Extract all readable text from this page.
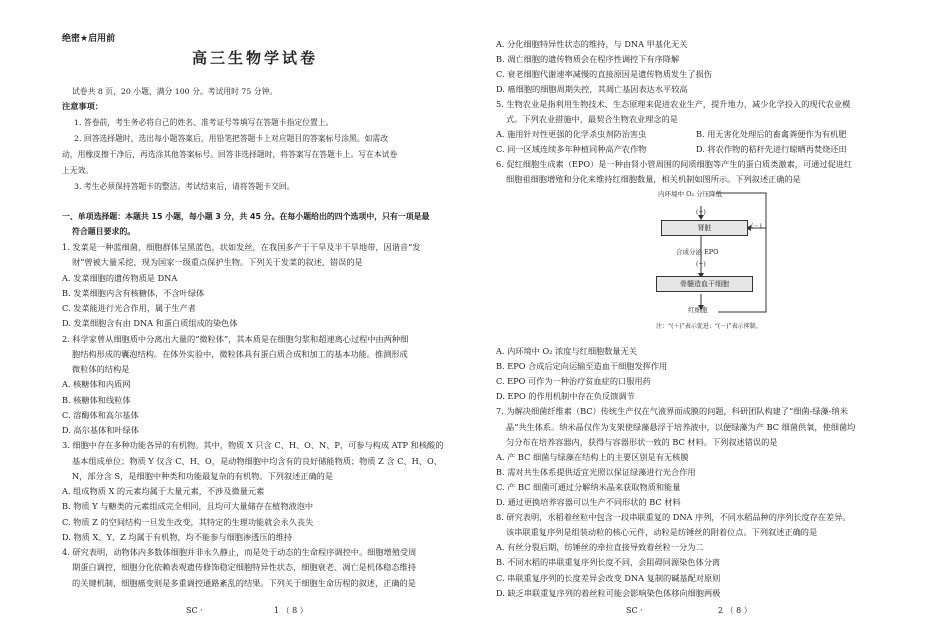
绝密★启用前
高三生物学试卷
试卷共 8 页，20 小题，满分 100 分。考试用时 75 分钟。
注意事项：
1. 答卷前，考生务必将自己的姓名、准考证号等填写在答题卡指定位置上。
2. 回答选择题时，选出每小题答案后，用铅笔把答题卡上对应题目的答案标号涂黑。如需改
动，用橡皮擦干净后，再选涂其他答案标号。回答非选择题时，将答案写在答题卡上。写在本试卷
上无效。
3. 考生必须保持答题卡的整洁。考试结束后，请将答题卡交回。
一、单项选择题：本题共 15 小题，每小题 3 分，共 45 分。在每小题给出的四个选项中，只有一项是最
符合题目要求的。
1. 发菜是一种蓝细菌，细胞群体呈黑蓝色，状如发丝，在我国多产于干旱及半干旱地带，因谐音“发
财”曾被大量采挖，现为国家一级重点保护生物。下列关于发菜的叙述，错误的是
A. 发菜细胞的遗传物质是 DNA
B. 发菜细胞内含有核糖体，不含叶绿体
C. 发菜能进行光合作用，属于生产者
D. 发菜细胞含有由 DNA 和蛋白质组成的染色体
2. 科学家曾从细胞质中分离出大量的“微粒体”，其本质是在细胞匀浆和超速离心过程中由两种细
胞结构形成的囊泡结构。在体外实验中，微粒体具有蛋白质合成和加工的基本功能。推测形成
微粒体的结构是
A. 核糖体和内质网
B. 核糖体和线粒体
C. 溶酶体和高尔基体
D. 高尔基体和叶绿体
3. 细胞中存在多种功能各异的有机物。其中，物质 X 只含 C、H、O、N、P，可参与构成 ATP 和核酸的
基本组成单位；物质 Y 仅含 C、H、O，是动物细胞中均含有的良好储能物质；物质 Z 含 C、H、O、
N，部分含 S，是细胞中种类和功能最复杂的有机物。下列叙述正确的是
A. 组成物质 X 的元素均属于大量元素，不涉及微量元素
B. 物质 Y 与糖类的元素组成完全相同，且均可大量储存在植物液泡中
C. 物质 Z 的空间结构一旦发生改变，其特定的生理功能就会永久丧失
D. 物质 X、Y、Z 均属于有机物，均不能参与细胞渗透压的维持
4. 研究表明，动物体内多数体细胞并非永久静止，而是处于动态的生命程序调控中。细胞增殖受周
期蛋白调控，细胞分化依赖表观遗传修饰稳定细胞特异性状态，细胞衰老、凋亡是机体稳态维持
的关键机制，细胞癌变则是多重调控通路紊乱的结果。下列关于细胞生命历程的叙述，正确的是
SC ·	1 （ 8 ）
A. 分化细胞特异性状态的维持，与 DNA 甲基化无关
B. 凋亡细胞的遗传物质会在程序性调控下有序降解
C. 衰老细胞代谢速率减慢的直接原因是遗传物质发生了损伤
D. 癌细胞的细胞周期失控，其凋亡基因表达水平较高
5. 生物农业是指利用生物技术、生态原理来促进农业生产，提升地力，减少化学投入的现代农业模
式。下列农业措施中，最契合生物农业理念的是
A. 施用针对性更强的化学杀虫剂防治害虫	B. 用无害化处理后的畜禽粪便作为有机肥
C. 同一区域连续多年种植同种高产农作物	D. 将农作物的秸秆先进行晾晒再焚烧还田
6. 促红细胞生成素（EPO）是一种由肾小管周围的间质细胞等产生的蛋白质类激素，可通过促进红
细胞祖细胞增殖和分化来维持红细胞数量，相关机制如图所示。下列叙述正确的是
内环境中 O₂ 分压降低
(+)
肾脏	(－)
合成分泌 EPO
(+)
骨髓造血干细胞
红细胞
注：“(＋)”表示促进；“(－)”表示抑制。
A. 内环境中 O₂ 浓度与红细胞数量无关
B. EPO 合成后定向运输至造血干细胞发挥作用
C. EPO 可作为一种治疗贫血症的口服用药
D. EPO 的作用机制中存在负反馈调节
7. 为解决细菌纤维素（BC）传统生产仅在气液界面成膜的问题，科研团队构建了“细菌-绿藻-纳米
晶”共生体系。纳米晶仅作为支架使绿藻悬浮于培养液中，以便绿藻为产 BC 细菌供氧，使细菌均
匀分布在培养容器内，获得与容器形状一致的 BC 材料。下列叙述错误的是
A. 产 BC 细菌与绿藻在结构上的主要区别是有无核膜
B. 需对共生体系提供适宜光照以保证绿藻进行光合作用
C. 产 BC 细菌可通过分解纳米晶来获取物质和能量
D. 通过更换培养容器可以生产不同形状的 BC 材料
8. 研究表明，水稻着丝粒中包含一段串联重复的 DNA 序列，不同水稻品种的序列长度存在差异。
该串联重复序列是组装动粒的核心元件，动粒是纺锤丝的附着位点。下列叙述正确的是
A. 有丝分裂后期，纺锤丝的牵拉直接导致着丝粒一分为二
B. 不同水稻的串联重复序列长度不同，会阻碍同源染色体分离
C. 串联重复序列的长度差异会改变 DNA 复制的碱基配对原则
D. 缺乏串联重复序列的着丝粒可能会影响染色体移向细胞两极
SC ·	2 （ 8 ）
